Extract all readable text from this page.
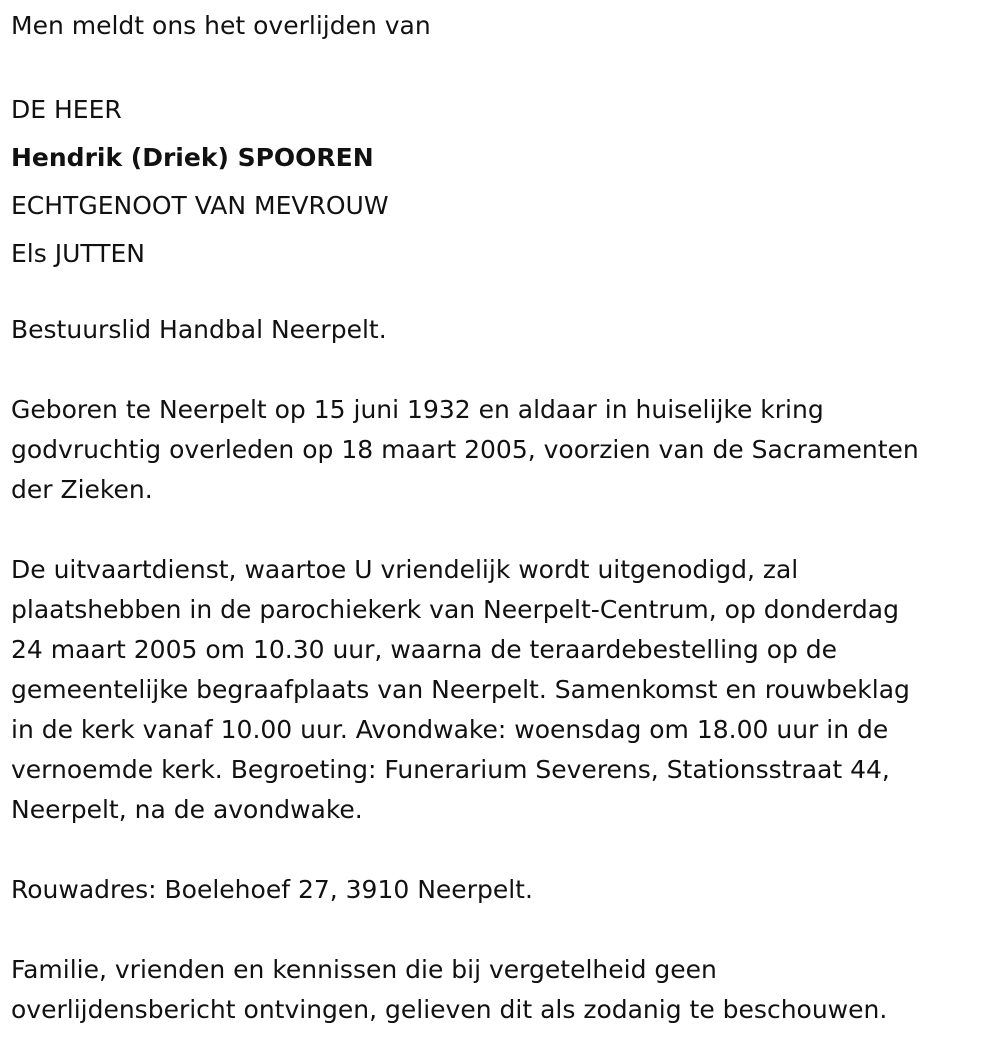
Men meldt ons het overlijden van

DE HEER

Hendrik (Driek) SPOOREN

ECHTGENOOT VAN MEVROUW

Els JUTTEN

Bestuurslid Handbal Neerpelt.

Geboren te Neerpelt op 15 juni 1932 en aldaar in huiselijke kring

godvruchtig overleden op 18 maart 2005, voorzien van de Sacramenten

der Zieken.

De uitvaartdienst, waartoe U vriendelijk wordt uitgenodigd, zal

plaatshebben in de parochiekerk van Neerpelt-Centrum, op donderdag

24 maart 2005 om 10.30 uur, waarna de teraardebestelling op de

gemeentelijke begraafplaats van Neerpelt. Samenkomst en rouwbeklag

in de kerk vanaf 10.00 uur. Avondwake: woensdag om 18.00 uur in de

vernoemde kerk. Begroeting: Funerarium Severens, Stationsstraat 44,

Neerpelt, na de avondwake.

Rouwadres: Boelehoef 27, 3910 Neerpelt.

Familie, vrienden en kennissen die bij vergetelheid geen

overlijdensbericht ontvingen, gelieven dit als zodanig te beschouwen.
